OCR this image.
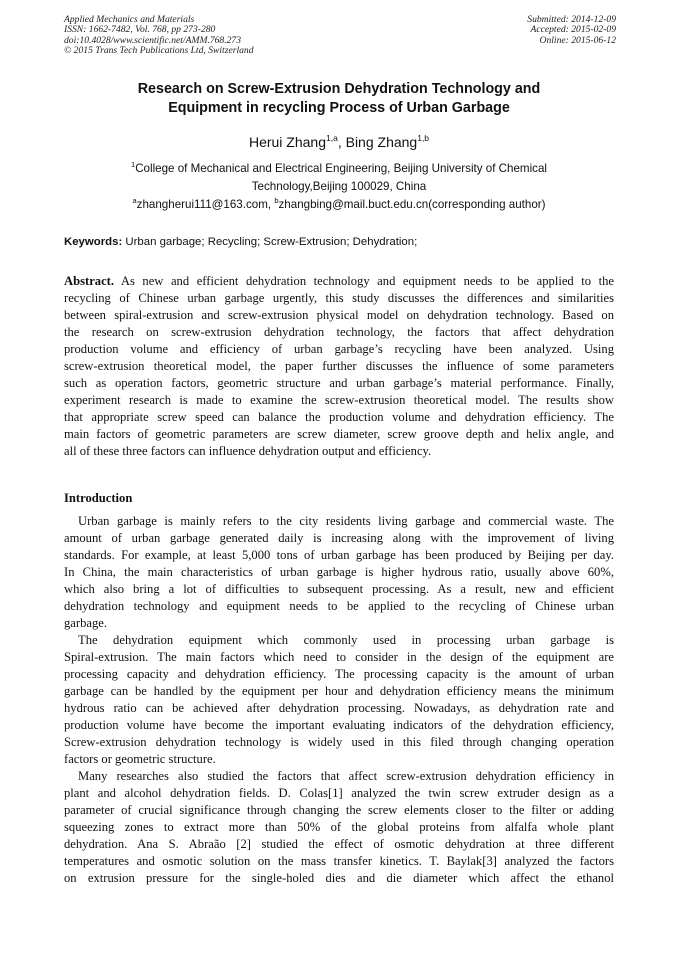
Applied Mechanics and Materials
ISSN: 1662-7482, Vol. 768, pp 273-280
doi:10.4028/www.scientific.net/AMM.768.273
© 2015 Trans Tech Publications Ltd, Switzerland
Submitted: 2014-12-09
Accepted: 2015-02-09
Online: 2015-06-12
Research on Screw-Extrusion Dehydration Technology and
Equipment in recycling Process of Urban Garbage
Herui Zhang$^{1,a}$, Bing Zhang$^{1,b}$
$^1$College of Mechanical and Electrical Engineering, Beijing University of Chemical
Technology,Beijing 100029, China
$^a$zhangherui111@163.com, $^b$zhangbing@mail.buct.edu.cn(corresponding author)
Keywords: Urban garbage; Recycling; Screw-Extrusion; Dehydration;
Abstract. As new and efficient dehydration technology and equipment needs to be applied to the
recycling of Chinese urban garbage urgently, this study discusses the differences and similarities
between spiral-extrusion and screw-extrusion physical model on dehydration technology. Based on
the research on screw-extrusion dehydration technology, the factors that affect dehydration
production volume and efficiency of urban garbage’s recycling have been analyzed. Using
screw-extrusion theoretical model, the paper further discusses the influence of some parameters
such as operation factors, geometric structure and urban garbage’s material performance. Finally,
experiment research is made to examine the screw-extrusion theoretical model. The results show
that appropriate screw speed can balance the production volume and dehydration efficiency. The
main factors of geometric parameters are screw diameter, screw groove depth and helix angle, and
all of these three factors can influence dehydration output and efficiency.
Introduction
Urban garbage is mainly refers to the city residents living garbage and commercial waste. The
amount of urban garbage generated daily is increasing along with the improvement of living
standards. For example, at least 5,000 tons of urban garbage has been produced by Beijing per day.
In China, the main characteristics of urban garbage is higher hydrous ratio, usually above 60%,
which also bring a lot of difficulties to subsequent processing. As a result, new and efficient
dehydration technology and equipment needs to be applied to the recycling of Chinese urban
garbage.
The dehydration equipment which commonly used in processing urban garbage is
Spiral-extrusion. The main factors which need to consider in the design of the equipment are
processing capacity and dehydration efficiency. The processing capacity is the amount of urban
garbage can be handled by the equipment per hour and dehydration efficiency means the minimum
hydrous ratio can be achieved after dehydration processing. Nowadays, as dehydration rate and
production volume have become the important evaluating indicators of the dehydration efficiency,
Screw-extrusion dehydration technology is widely used in this filed through changing operation
factors or geometric structure.
Many researches also studied the factors that affect screw-extrusion dehydration efficiency in
plant and alcohol dehydration fields. D. Colas[1] analyzed the twin screw extruder design as a
parameter of crucial significance through changing the screw elements closer to the filter or adding
squeezing zones to extract more than 50% of the global proteins from alfalfa whole plant
dehydration. Ana S. Abraão [2] studied the effect of osmotic dehydration at three different
temperatures and osmotic solution on the mass transfer kinetics. T. Baylak[3] analyzed the factors
on extrusion pressure for the single-holed dies and die diameter which affect the ethanol
